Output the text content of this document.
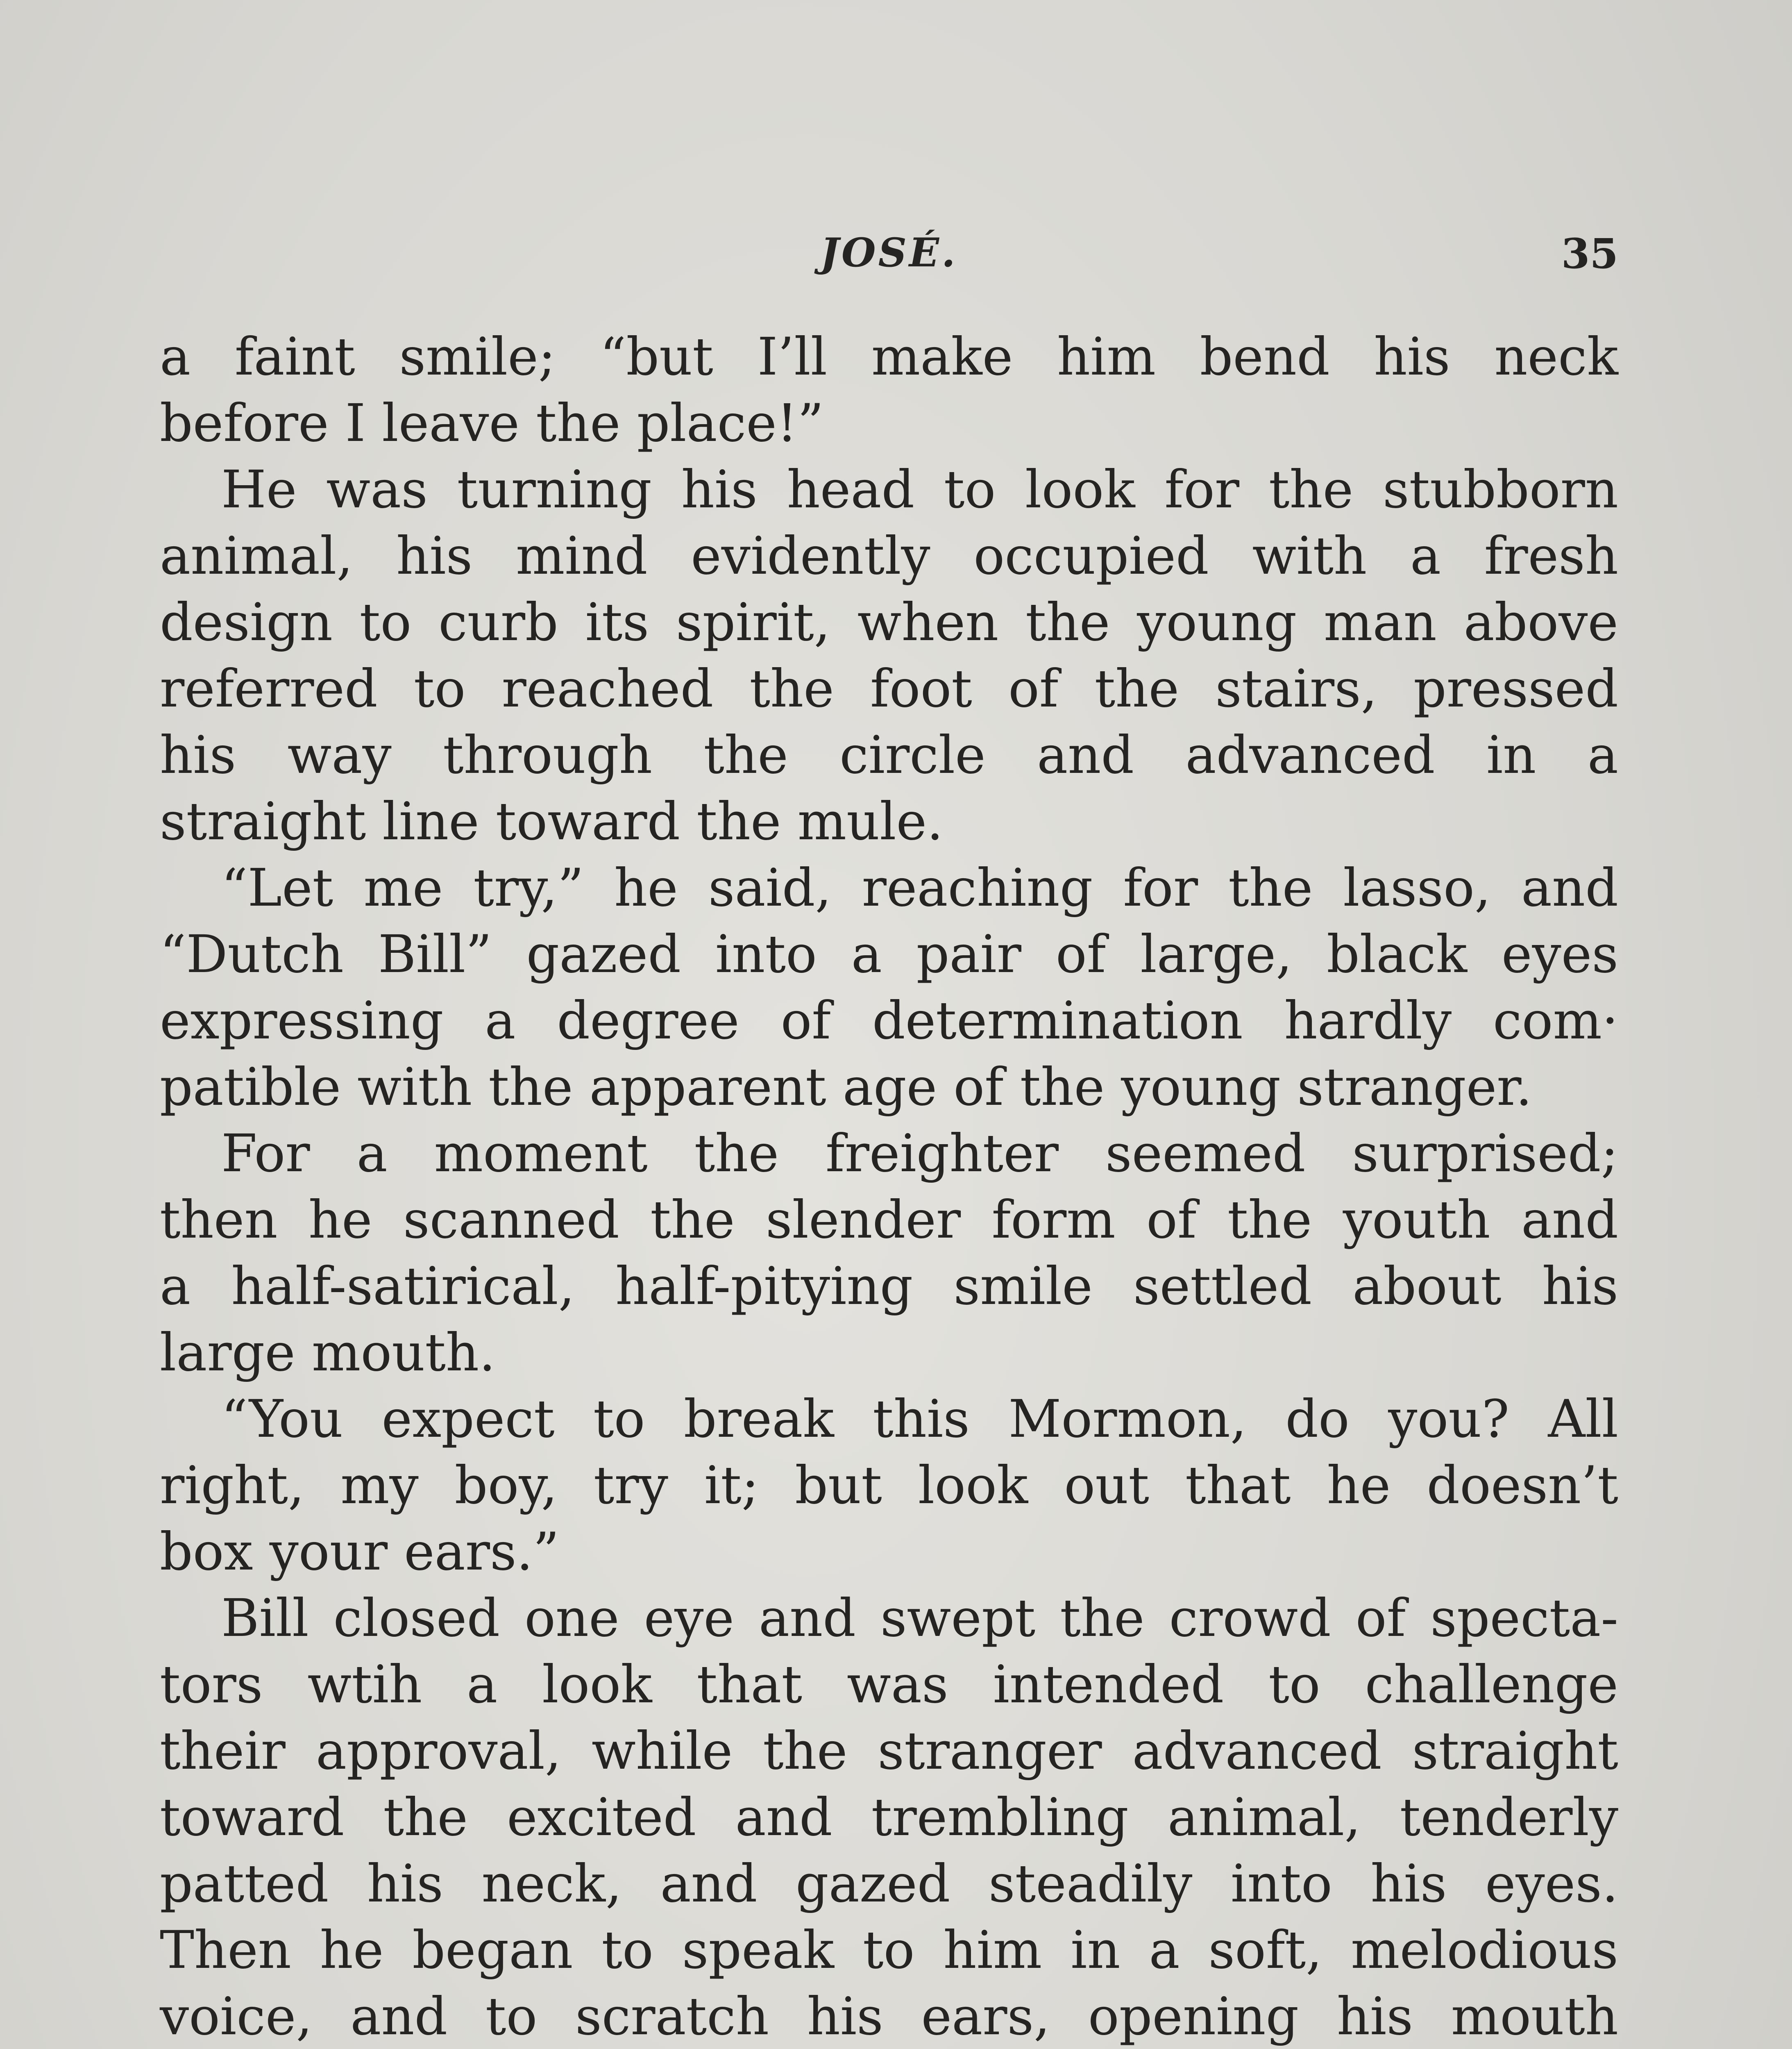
JOSÉ.	35
a faint smile; “but I’ll make him bend his neck
before I leave the place!”
He was turning his head to look for the stubborn
animal, his mind evidently occupied with a fresh
design to curb its spirit, when the young man above
referred to reached the foot of the stairs, pressed
his way through the circle and advanced in a
straight line toward the mule.
“Let me try,” he said, reaching for the lasso, and
“Dutch Bill” gazed into a pair of large, black eyes
expressing a degree of determination hardly com·
patible with the apparent age of the young stranger.
For a moment the freighter seemed surprised;
then he scanned the slender form of the youth and
a half-satirical, half-pitying smile settled about his
large mouth.
“You expect to break this Mormon, do you? All
right, my boy, try it; but look out that he doesn’t
box your ears.”
Bill closed one eye and swept the crowd of specta-
tors wtih a look that was intended to challenge
their approval, while the stranger advanced straight
toward the excited and trembling animal, tenderly
patted his neck, and gazed steadily into his eyes.
Then he began to speak to him in a soft, melodious
voice, and to scratch his ears, opening his mouth
